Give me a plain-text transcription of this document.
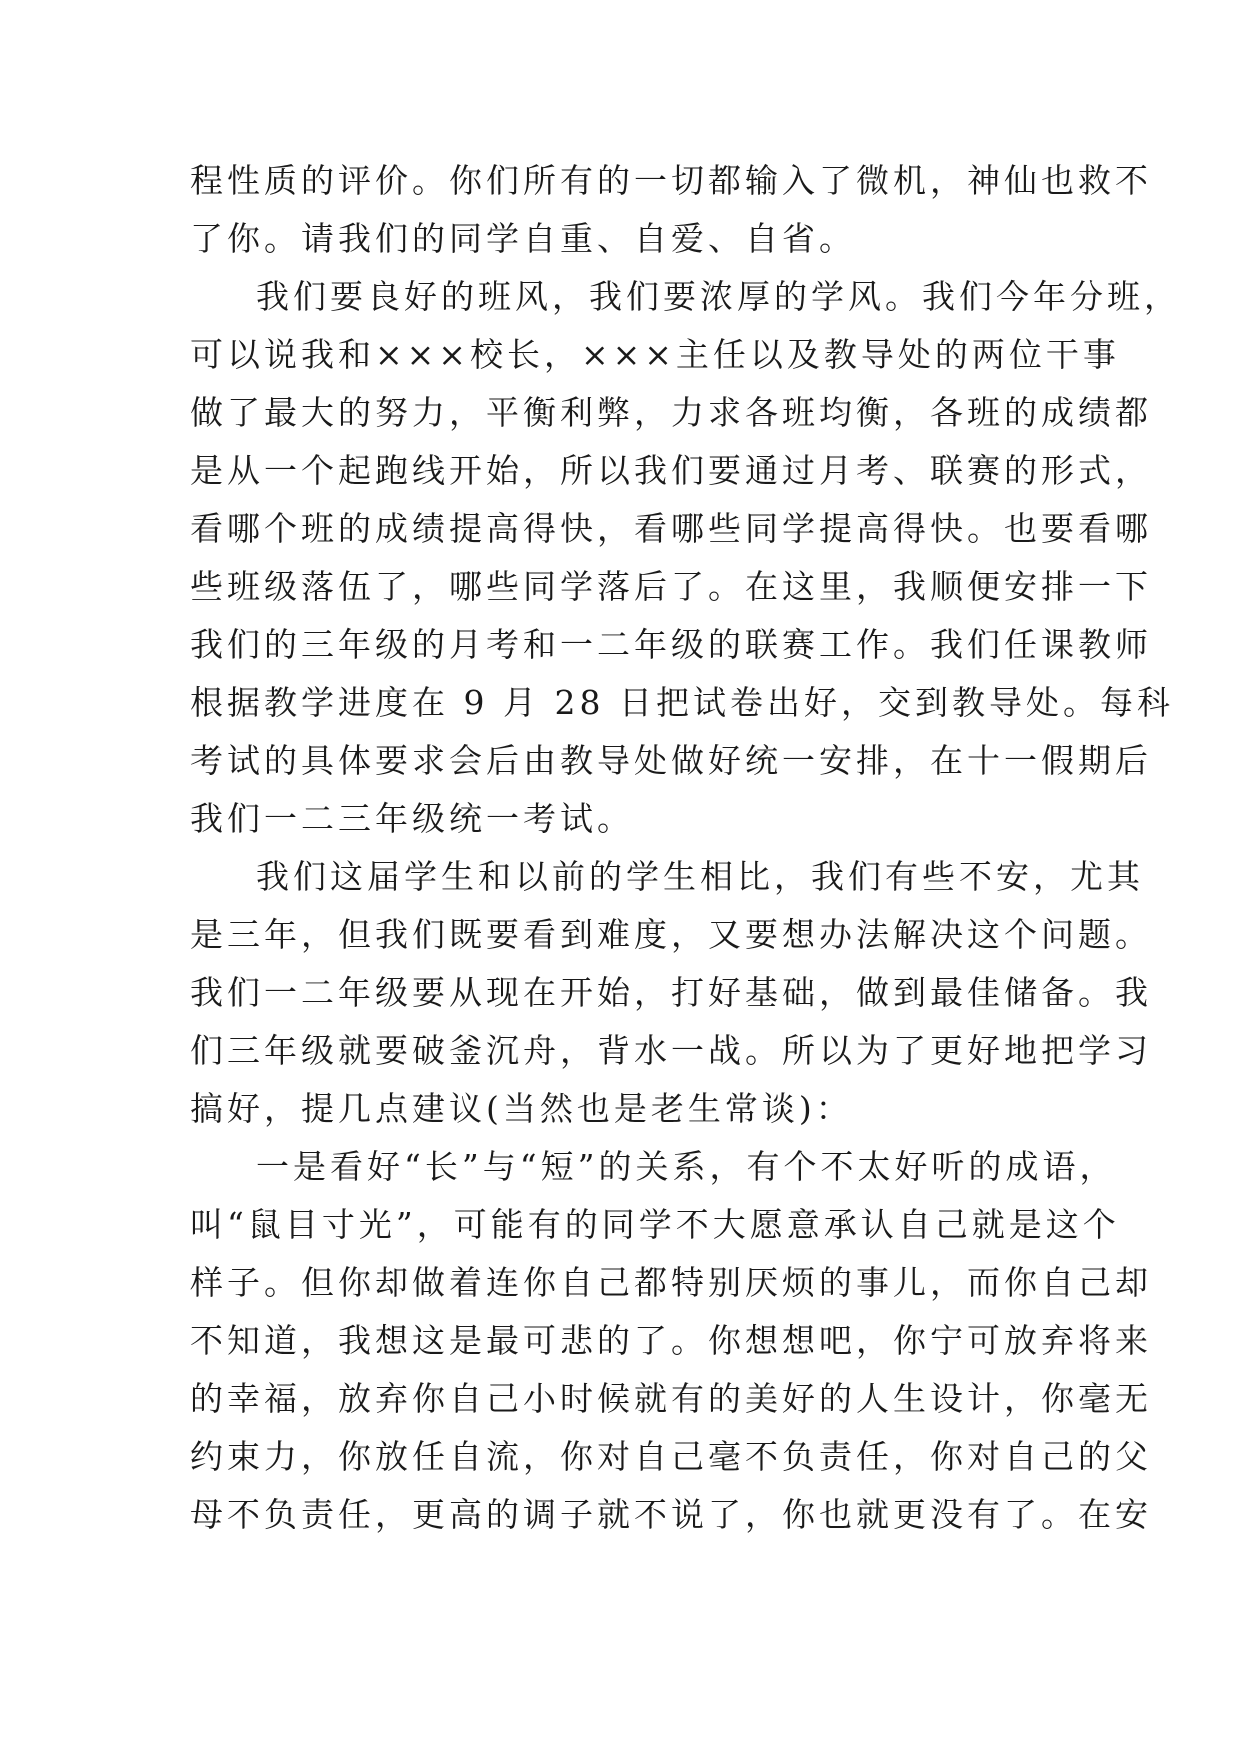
程性质的评价。你们所有的一切都输入了微机，神仙也救不
了你。请我们的同学自重、自爱、自省。
我们要良好的班风，我们要浓厚的学风。我们今年分班，
可以说我和×××校长，×××主任以及教导处的两位干事
做了最大的努力，平衡利弊，力求各班均衡，各班的成绩都
是从一个起跑线开始，所以我们要通过月考、联赛的形式，
看哪个班的成绩提高得快，看哪些同学提高得快。也要看哪
些班级落伍了，哪些同学落后了。在这里，我顺便安排一下
我们的三年级的月考和一二年级的联赛工作。我们任课教师
根据教学进度在 9 月 28 日把试卷出好，交到教导处。每科
考试的具体要求会后由教导处做好统一安排，在十一假期后
我们一二三年级统一考试。
我们这届学生和以前的学生相比，我们有些不安，尤其
是三年，但我们既要看到难度，又要想办法解决这个问题。
我们一二年级要从现在开始，打好基础，做到最佳储备。我
们三年级就要破釜沉舟，背水一战。所以为了更好地把学习
搞好，提几点建议(当然也是老生常谈)：
一是看好“长”与“短”的关系，有个不太好听的成语，
叫“鼠目寸光”，可能有的同学不大愿意承认自己就是这个
样子。但你却做着连你自己都特别厌烦的事儿，而你自己却
不知道，我想这是最可悲的了。你想想吧，你宁可放弃将来
的幸福，放弃你自己小时候就有的美好的人生设计，你毫无
约束力，你放任自流，你对自己毫不负责任，你对自己的父
母不负责任，更高的调子就不说了，你也就更没有了。在安
